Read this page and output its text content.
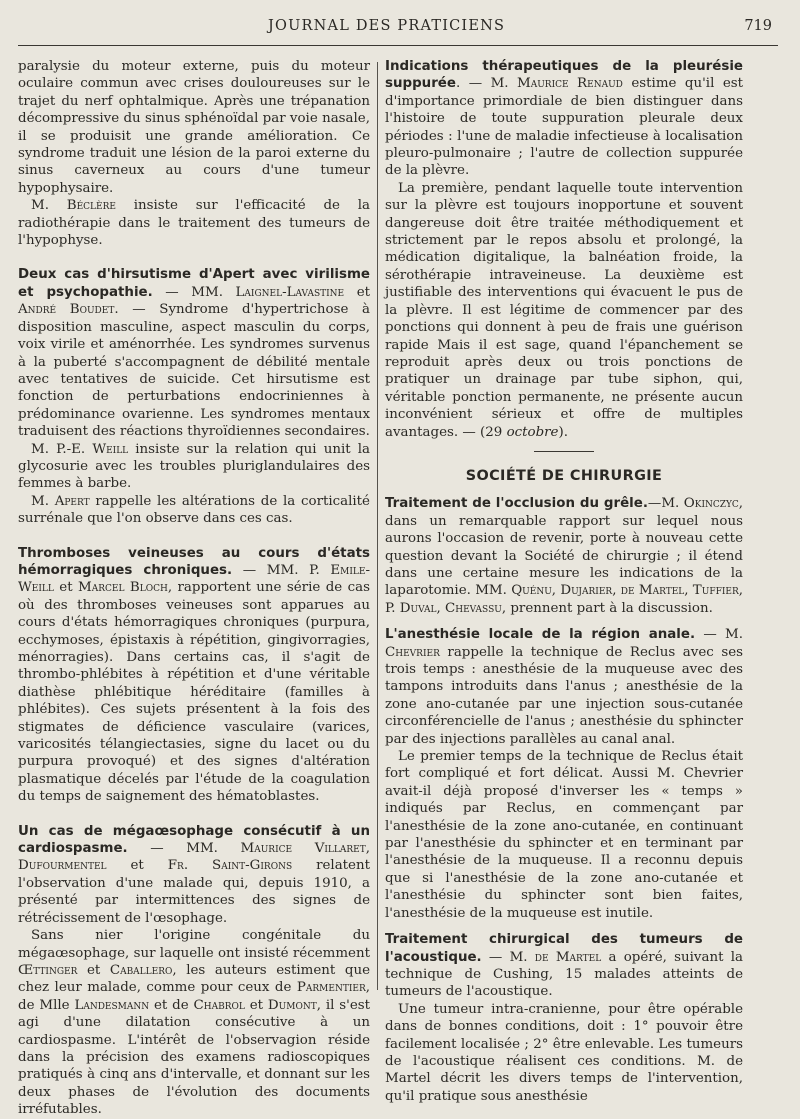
JOURNAL DES PRATICIENS	719

paralysie du moteur externe, puis du moteur oculaire commun avec crises douloureuses sur le trajet du nerf ophtalmique. Après une trépanation décompressive du sinus sphénoïdal par voie nasale, il se produisit une grande amélioration. Ce syndrome traduit une lésion de la paroi externe du sinus caverneux au cours d'une tumeur hypophysaire.

M. Béclère insiste sur l'efficacité de la radiothérapie dans le traitement des tumeurs de l'hypophyse.

Deux cas d'hirsutisme d'Apert avec virilisme et psychopathie. — MM. Laignel-Lavastine et André Boudet. — Syndrome d'hypertrichose à disposition masculine, aspect masculin du corps, voix virile et aménorrhée. Les syndromes survenus à la puberté s'accompagnent de débilité mentale avec tentatives de suicide. Cet hirsutisme est fonction de perturbations endocriniennes à prédominance ovarienne. Les syndromes mentaux traduisent des réactions thyroïdiennes secondaires.

M. P.-E. Weill insiste sur la relation qui unit la glycosurie avec les troubles pluriglandulaires des femmes à barbe.

M. Apert rappelle les altérations de la corticalité surrénale que l'on observe dans ces cas.

Thromboses veineuses au cours d'états hémorragiques chroniques. — MM. P. Emile-Weill et Marcel Bloch, rapportent une série de cas où des thromboses veineuses sont apparues au cours d'états hémorragiques chroniques (purpura, ecchymoses, épistaxis à répétition, gingivorragies, ménorragies). Dans certains cas, il s'agit de thrombo-phlébites à répétition et d'une véritable diathèse phlébitique héréditaire (familles à phlébites). Ces sujets présentent à la fois des stigmates de déficience vasculaire (varices, varicosités télangiectasies, signe du lacet ou du purpura provoqué) et des signes d'altération plasmatique décelés par l'étude de la coagulation du temps de saignement des hématoblastes.

Un cas de mégaœsophage consécutif à un cardiospasme. — MM. Maurice Villaret, Dufourmentel et Fr. Saint-Girons relatent l'observation d'une malade qui, depuis 1910, a présenté par intermittences des signes de rétrécissement de l'œsophage.

Sans nier l'origine congénitale du mégaœsophage, sur laquelle ont insisté récemment Œttinger et Caballero, les auteurs estiment que chez leur malade, comme pour ceux de Parmentier, de Mlle Landesmann et de Chabrol et Dumont, il s'est agi d'une dilatation consécutive à un cardiospasme. L'intérêt de l'observagion réside dans la précision des examens radioscopiques pratiqués à cinq ans d'intervalle, et donnant sur les deux phases de l'évolution des documents irréfutables.

Indications thérapeutiques de la pleurésie suppurée. — M. Maurice Renaud estime qu'il est d'importance primordiale de bien distinguer dans l'histoire de toute suppuration pleurale deux périodes : l'une de maladie infectieuse à localisation pleuro-pulmonaire ; l'autre de collection suppurée de la plèvre.

La première, pendant laquelle toute intervention sur la plèvre est toujours inopportune et souvent dangereuse doit être traitée méthodiquement et strictement par le repos absolu et prolongé, la médication digitalique, la balnéation froide, la sérothérapie intraveineuse. La deuxième est justifiable des interventions qui évacuent le pus de la plèvre. Il est légitime de commencer par des ponctions qui donnent à peu de frais une guérison rapide Mais il est sage, quand l'épanchement se reproduit après deux ou trois ponctions de pratiquer un drainage par tube siphon, qui, véritable ponction permanente, ne présente aucun inconvénient sérieux et offre de multiples avantages. — (29 octobre).

SOCIÉTÉ DE CHIRURGIE

Traitement de l'occlusion du grêle.—M. Okinczyc, dans un remarquable rapport sur lequel nous aurons l'occasion de revenir, porte à nouveau cette question devant la Société de chirurgie ; il étend dans une certaine mesure les indications de la laparotomie. MM. Quénu, Dujarier, de Martel, Tuffier, P. Duval, Chevassu, prennent part à la discussion.

L'anesthésie locale de la région anale. — M. Chevrier rappelle la technique de Reclus avec ses trois temps : anesthésie de la muqueuse avec des tampons introduits dans l'anus ; anesthésie de la zone ano-cutanée par une injection sous-cutanée circonférencielle de l'anus ; anesthésie du sphincter par des injections parallèles au canal anal.

Le premier temps de la technique de Reclus était fort compliqué et fort délicat. Aussi M. Chevrier avait-il déjà proposé d'inverser les « temps » indiqués par Reclus, en commençant par l'anesthésie de la zone ano-cutanée, en continuant par l'anesthésie du sphincter et en terminant par l'anesthésie de la muqueuse. Il a reconnu depuis que si l'anesthésie de la zone ano-cutanée et l'anesthésie du sphincter sont bien faites, l'anesthésie de la muqueuse est inutile.

Traitement chirurgical des tumeurs de l'acoustique. — M. de Martel a opéré, suivant la technique de Cushing, 15 malades atteints de tumeurs de l'acoustique.

Une tumeur intra-cranienne, pour être opérable dans de bonnes conditions, doit : 1° pouvoir être facilement localisée ; 2° être enlevable. Les tumeurs de l'acoustique réalisent ces conditions. M. de Martel décrit les divers temps de l'intervention, qu'il pratique sous anesthésie
